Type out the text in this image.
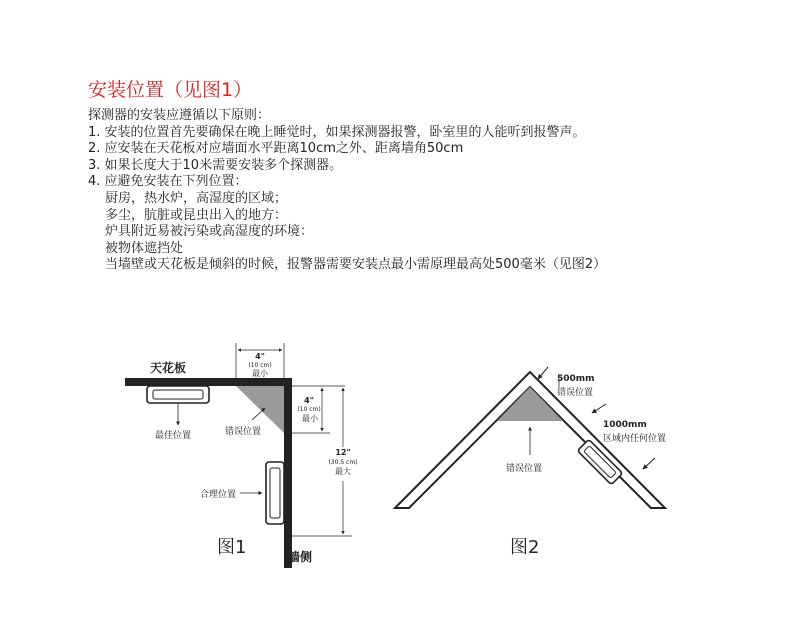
安装位置（见图1）
探测器的安装应遵循以下原则：
1. 安装的位置首先要确保在晚上睡觉时，如果探测器报警，卧室里的人能听到报警声。
2. 应安装在天花板对应墙面水平距离10cm之外、距离墙角50cm
3. 如果长度大于10米需要安装多个探测器。
4. 应避免安装在下列位置：
厨房，热水炉，高湿度的区域；
多尘，肮脏或昆虫出入的地方：
炉具附近易被污染或高湿度的环境：
被物体遮挡处
当墙壁或天花板是倾斜的时候，报警器需要安装点最小需原理最高处500毫米（见图2）
天花板
墙侧
最佳位置	错误位置
合理位置
4"
(10 cm)
最小
4"
(10 cm)
最小
12"
(30.5 cm)
最大
图1
500mm
错误位置
1000mm
区域内任何位置
错误位置
图2
